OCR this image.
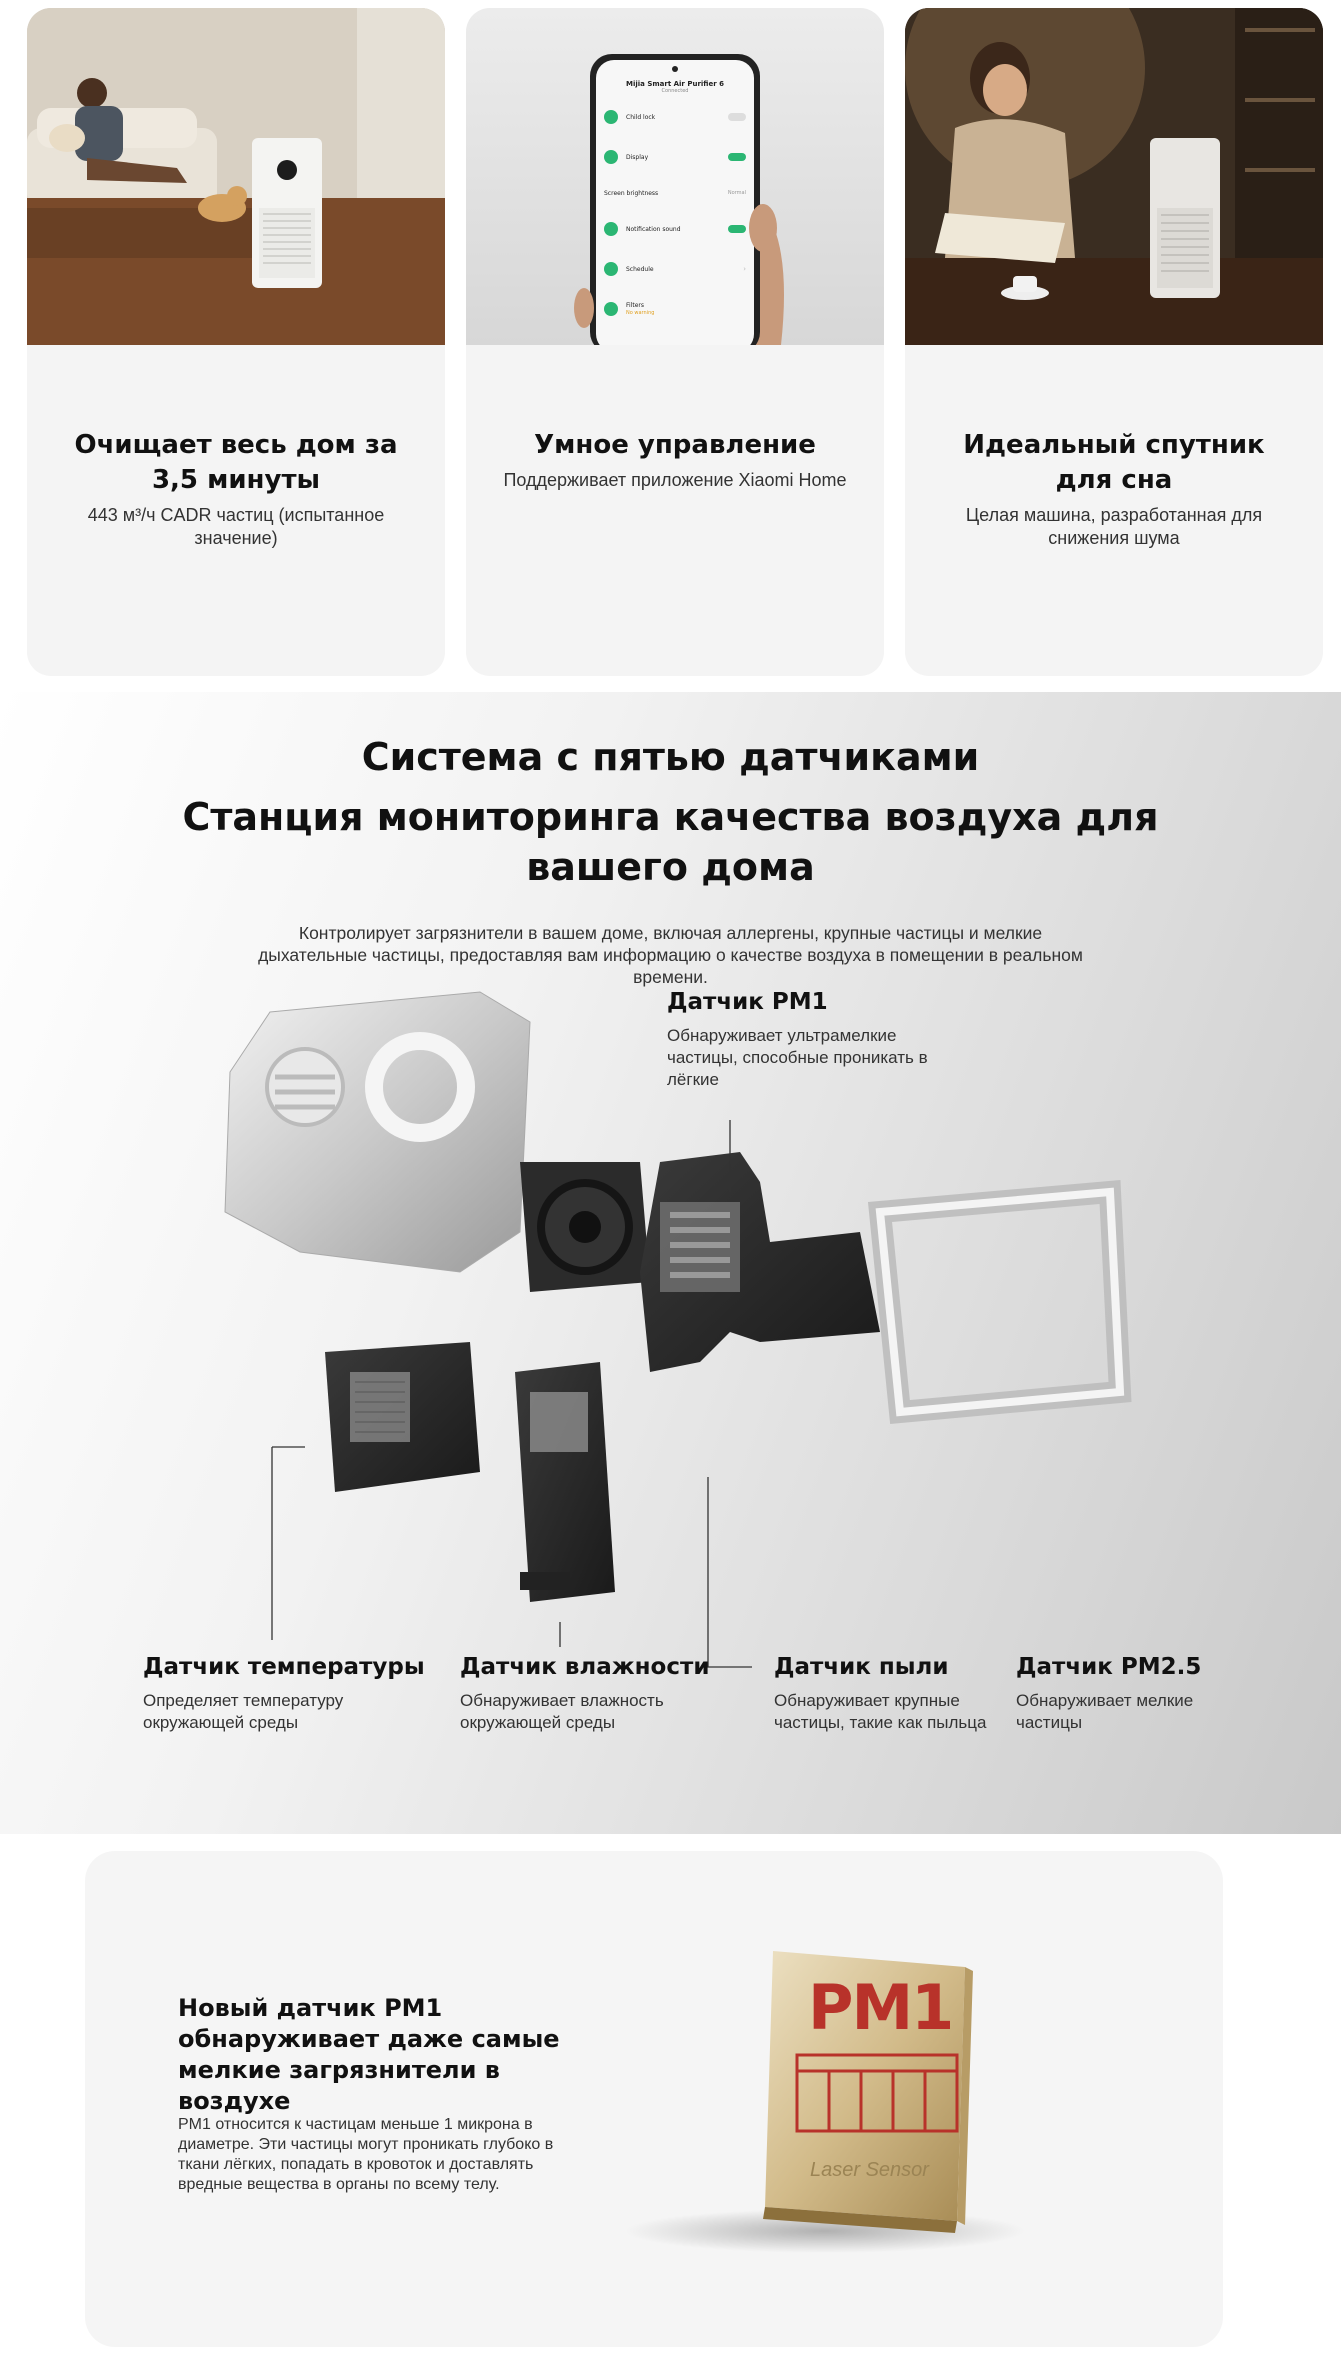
Очищает весь дом за 3,5 минуты
443 м³/ч CADR частиц (испытанное значение)
Mijia Smart Air Purifier 6
Connected
Child lock
Display
Screen brightness	Normal
Notification sound
Schedule	›
Filters
No warning
Умное управление
Поддерживает приложение Xiaomi Home
Идеальный спутник для сна
Целая машина, разработанная для снижения шума
Система с пятью датчиками
Станция мониторинга качества воздуха для вашего дома
Контролирует загрязнители в вашем доме, включая аллергены, крупные частицы и мелкие дыхательные частицы, предоставляя вам информацию о качестве воздуха в помещении в реальном времени.
Датчик PM1
Обнаруживает ультрамелкие частицы, способные проникать в лёгкие
Датчик температуры
Определяет температуру окружающей среды
Датчик влажности
Обнаруживает влажность окружающей среды
Датчик пыли
Обнаруживает крупные частицы, такие как пыльца
Датчик PM2.5
Обнаруживает мелкие частицы
Новый датчик PM1 обнаруживает даже самые мелкие загрязнители в воздухе
PM1 относится к частицам меньше 1 микрона в диаметре. Эти частицы могут проникать глубоко в ткани лёгких, попадать в кровоток и доставлять вредные вещества в органы по всему телу.
PM1
Laser Sensor
